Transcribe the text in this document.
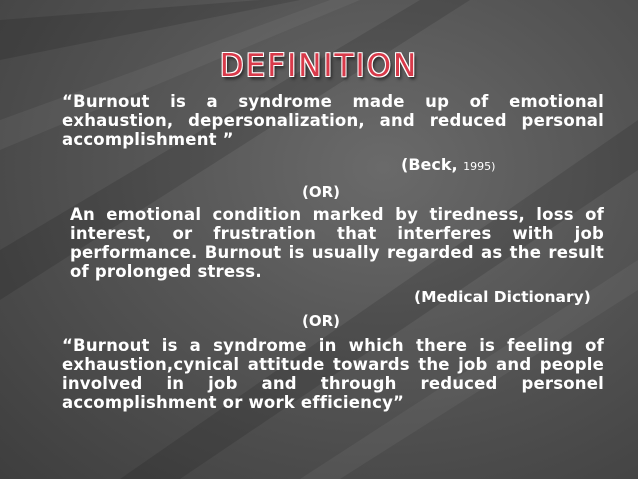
DEFINITION
“Burnout is a syndrome made up of emotional exhaustion, depersonalization, and reduced personal accomplishment ”
(Beck, 1995)
(OR)
An emotional condition marked by tiredness, loss of interest, or frustration that interferes with job performance. Burnout is usually regarded as the result of prolonged stress.
(Medical Dictionary)
(OR)
“Burnout is a syndrome in which there is feeling of exhaustion,cynical attitude towards the job and people involved in job and through reduced personel accomplishment or work efficiency”
